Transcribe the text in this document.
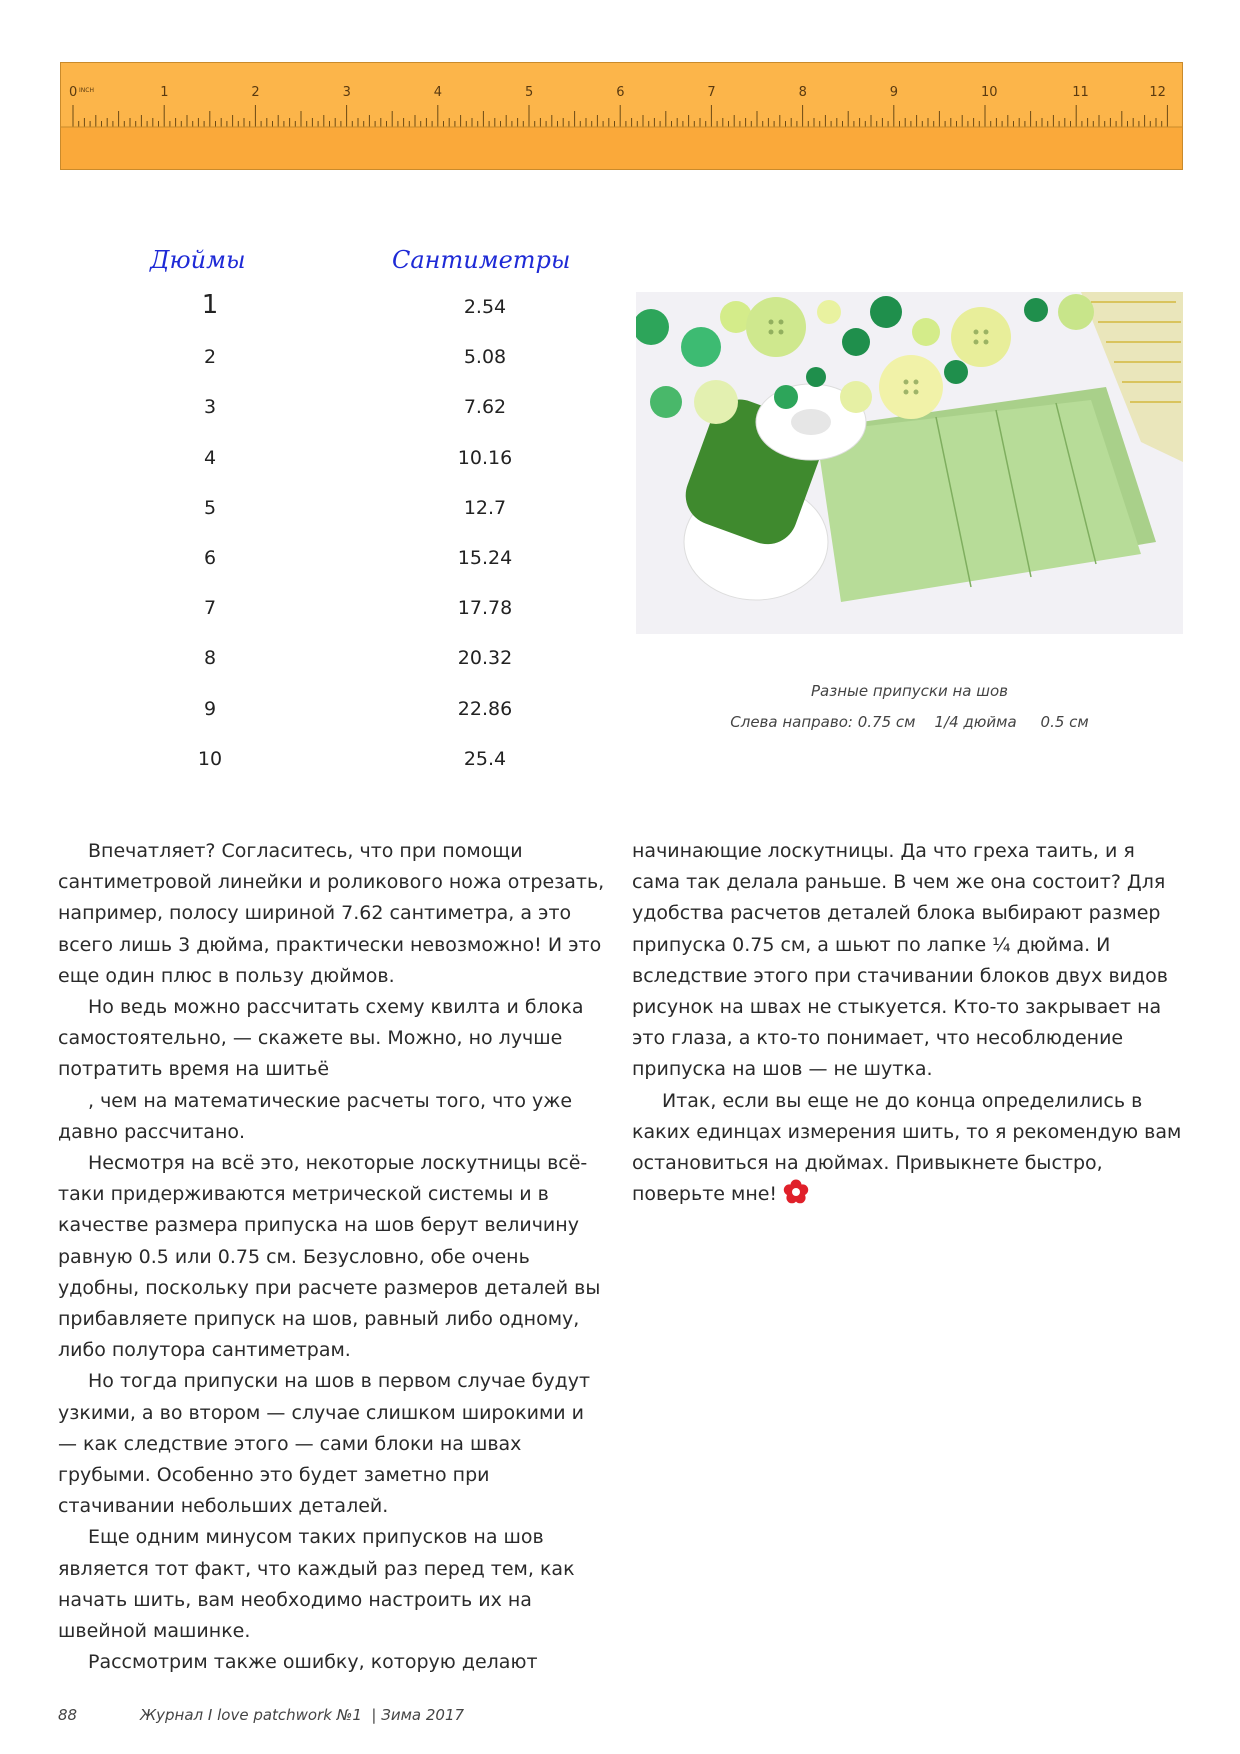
INCH
0	1	2	3	4	5	6	7	8	9	10	11	12
Дюймы	Сантиметры
1	2.54
2	5.08
3	7.62
4	10.16
5	12.7
6	15.24
7	17.78
8	20.32
9	22.86
10	25.4
Разные припуски на шов
Слева направо: 0.75 см    1/4 дюйма     0.5 см

Впечатляет? Согласитесь, что при помощи сантиметровой линейки и роликового ножа отрезать, например, полосу шириной 7.62 сантиметра, а это всего лишь 3 дюйма, практически невозможно! И это еще один плюс в пользу дюймов.

Но ведь можно рассчитать схему квилта и блока самостоятельно, — скажете вы. Можно, но лучше потратить время на шитьё

, чем на математические расчеты того, что уже давно рассчитано.

Несмотря на всё это, некоторые лоскутницы всё-таки придерживаются метрической системы и в качестве размера припуска на шов берут величину равную 0.5 или 0.75 см. Безусловно, обе очень удобны, поскольку при расчете размеров деталей вы прибавляете припуск на шов, равный либо одному, либо полутора сантиметрам.

Но тогда припуски на шов в первом случае будут узкими, а во втором — случае слишком широкими и — как следствие этого — сами блоки на швах грубыми. Особенно это будет заметно при стачивании небольших деталей.

Еще одним минусом таких припусков на шов является тот факт, что каждый раз перед тем, как начать шить, вам необходимо настроить их на швейной машинке.

Рассмотрим также ошибку, которую делают

начинающие лоскутницы. Да что греха таить, и я сама так делала раньше. В чем же она состоит? Для удобства расчетов деталей блока выбирают размер припуска 0.75 см, а шьют по лапке ¼ дюйма. И вследствие этого при стачивании блоков двух видов рисунок на швах не стыкуется. Кто-то закрывает на это глаза, а кто-то понимает, что несоблюдение припуска на шов — не шутка.

Итак, если вы еще не до конца определились в каких единцах измерения шить, то я рекомендую вам остановиться на дюймах. Привыкнете быстро, поверьте мне!

88	Журнал I love patchwork №1  | Зима 2017
